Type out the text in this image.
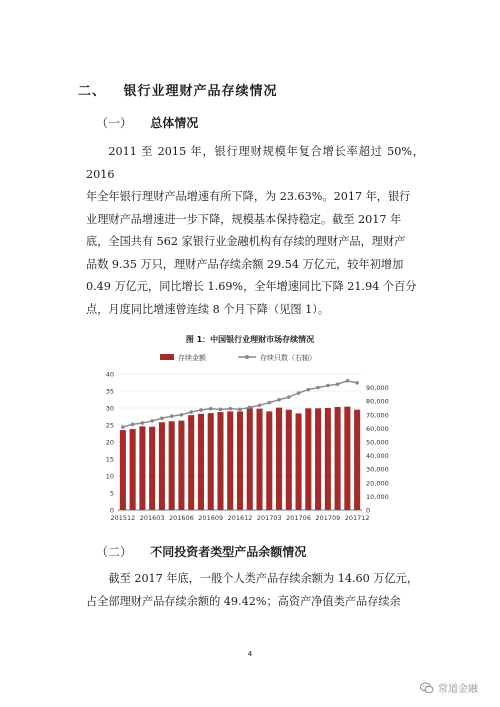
二、 银行业理财产品存续情况
（一） 总体情况

2011 至 2015 年，银行理财规模年复合增长率超过 50%，2016

年全年银行理财产品增速有所下降，为 23.63%。2017 年，银行

业理财产品增速进一步下降，规模基本保持稳定。截至 2017 年

底，全国共有 562 家银行业金融机构有存续的理财产品，理财产

品数 9.35 万只，理财产品存续余额 29.54 万亿元，较年初增加

0.49 万亿元，同比增长 1.69%，全年增速同比下降 21.94 个百分

点，月度同比增速曾连续 8 个月下降（见图 1）。

图 1：中国银行业理财市场存续情况
存续金额	存续只数（右轴）
0
5
10
15
20
25
30
35
40
0
10,000
20,000
30,000
40,000
50,000
60,000
70,000
80,000
90,000
201512 201603 201606 201609 201612 201703 201706 201709 201712
（二） 不同投资者类型产品余额情况

截至 2017 年底，一般个人类产品存续余额为 14.60 万亿元，

占全部理财产品存续余额的 49.42%；高资产净值类产品存续余

4
常道金融
